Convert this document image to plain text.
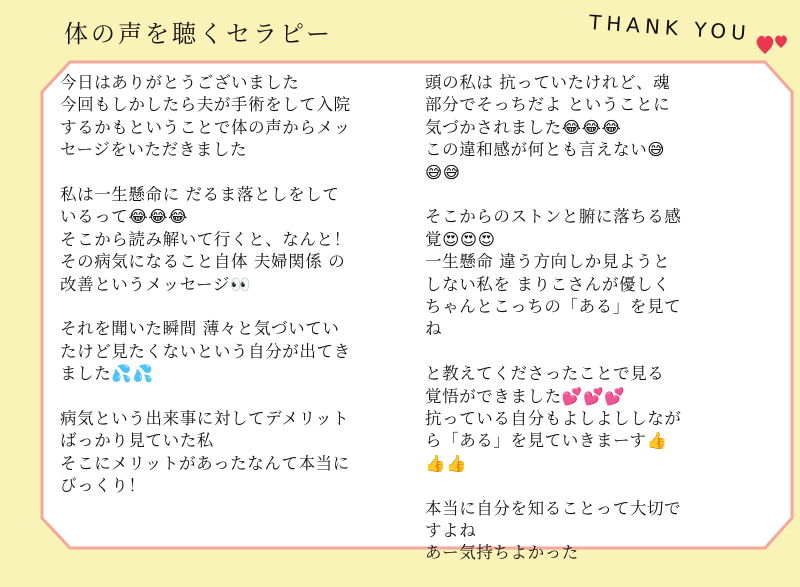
体の声を聴くセラピー	THANK YOU
今日はありがとうございました
今回もしかしたら夫が手術をして入院
するかもということで体の声からメッ
セージをいただきました
私は一生懸命に だるま落としをして
いるって😂😂😂
そこから読み解いて行くと、なんと！
その病気になること自体 夫婦関係 の
改善というメッセージ👀
それを聞いた瞬間 薄々と気づいてい
たけど見たくないという自分が出てき
ました💦💦
病気という出来事に対してデメリット
ばっかり見ていた私
そこにメリットがあったなんて本当に
びっくり！
頭の私は 抗っていたけれど、魂
部分でそっちだよ ということに
気づかされました😂😂😂
この違和感が何とも言えない😅
😅😅
そこからのストンと腑に落ちる感
覚😍😍😍
一生懸命 違う方向しか見ようと
しない私を まりこさんが優しく
ちゃんとこっちの「ある」を見て
ね
と教えてくださったことで見る
覚悟ができました💕💕💕
抗っている自分もよしよししなが
ら「ある」を見ていきまーす👍
👍👍
本当に自分を知ることって大切で
すよね
あー気持ちよかった
